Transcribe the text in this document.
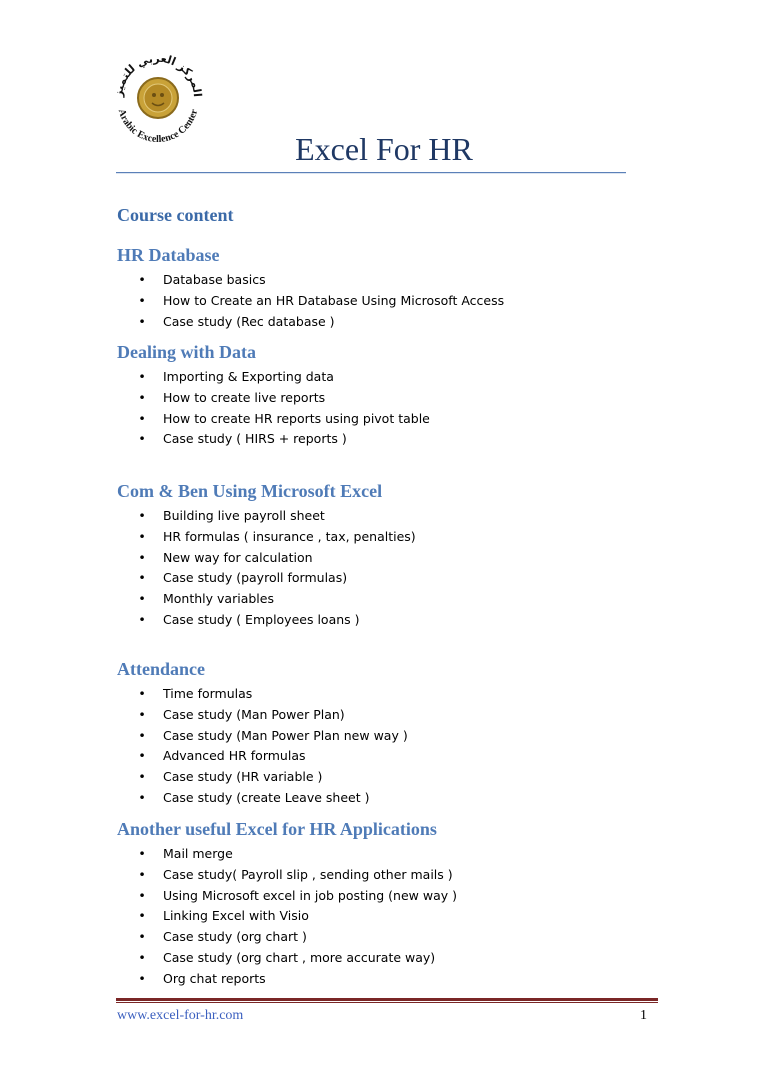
المركز العربي للتميز
Arabic Excellence Center
Excel For HR
Course content
HR Database
• Database basics
• How to Create an HR Database Using Microsoft Access
• Case study (Rec database )
Dealing with Data
• Importing & Exporting data
• How to create live reports
• How to create HR reports using pivot table
• Case study ( HIRS + reports )
Com & Ben Using Microsoft Excel
• Building live payroll sheet
• HR formulas ( insurance , tax, penalties)
• New way for calculation
• Case study (payroll formulas)
• Monthly variables
• Case study ( Employees loans )
Attendance
• Time formulas
• Case study (Man Power Plan)
• Case study (Man Power Plan new way )
• Advanced HR formulas
• Case study (HR variable )
• Case study (create Leave sheet )
Another useful Excel for HR Applications
• Mail merge
• Case study( Payroll slip , sending other mails )
• Using Microsoft excel in job posting (new way )
• Linking Excel with Visio
• Case study (org chart )
• Case study (org chart , more accurate way)
• Org chat reports
www.excel-for-hr.com	1
